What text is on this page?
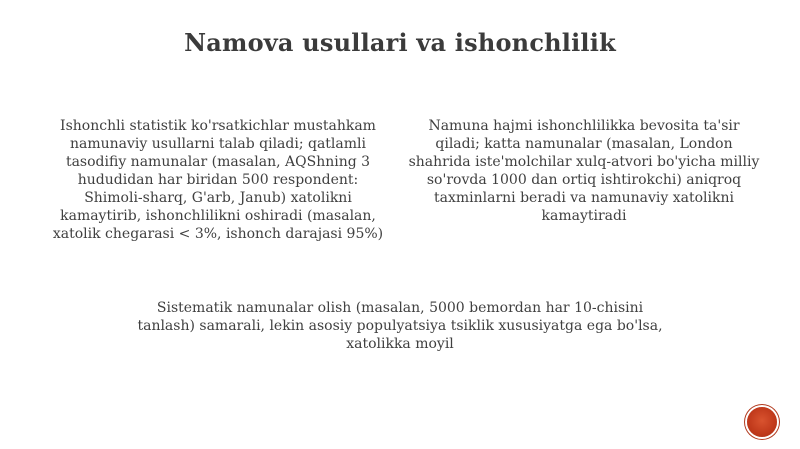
Namova usullari va ishonchlilik
Ishonchli statistik ko'rsatkichlar mustahkam namunaviy usullarni talab qiladi; qatlamli tasodifiy namunalar (masalan, AQShning 3 hududidan har biridan 500 respondent: Shimoli-sharq, G'arb, Janub) xatolikni kamaytirib, ishonchlilikni oshiradi (masalan, xatolik chegarasi < 3%, ishonch darajasi 95%)
Namuna hajmi ishonchlilikka bevosita ta'sir qiladi; katta namunalar (masalan, London shahrida iste'molchilar xulq-atvori bo'yicha milliy so'rovda 1000 dan ortiq ishtirokchi) aniqroq taxminlarni beradi va namunaviy xatolikni kamaytiradi
Sistematik namunalar olish (masalan, 5000 bemordan har 10-chisini tanlash) samarali, lekin asosiy populyatsiya tsiklik xususiyatga ega bo'lsa, xatolikka moyil
